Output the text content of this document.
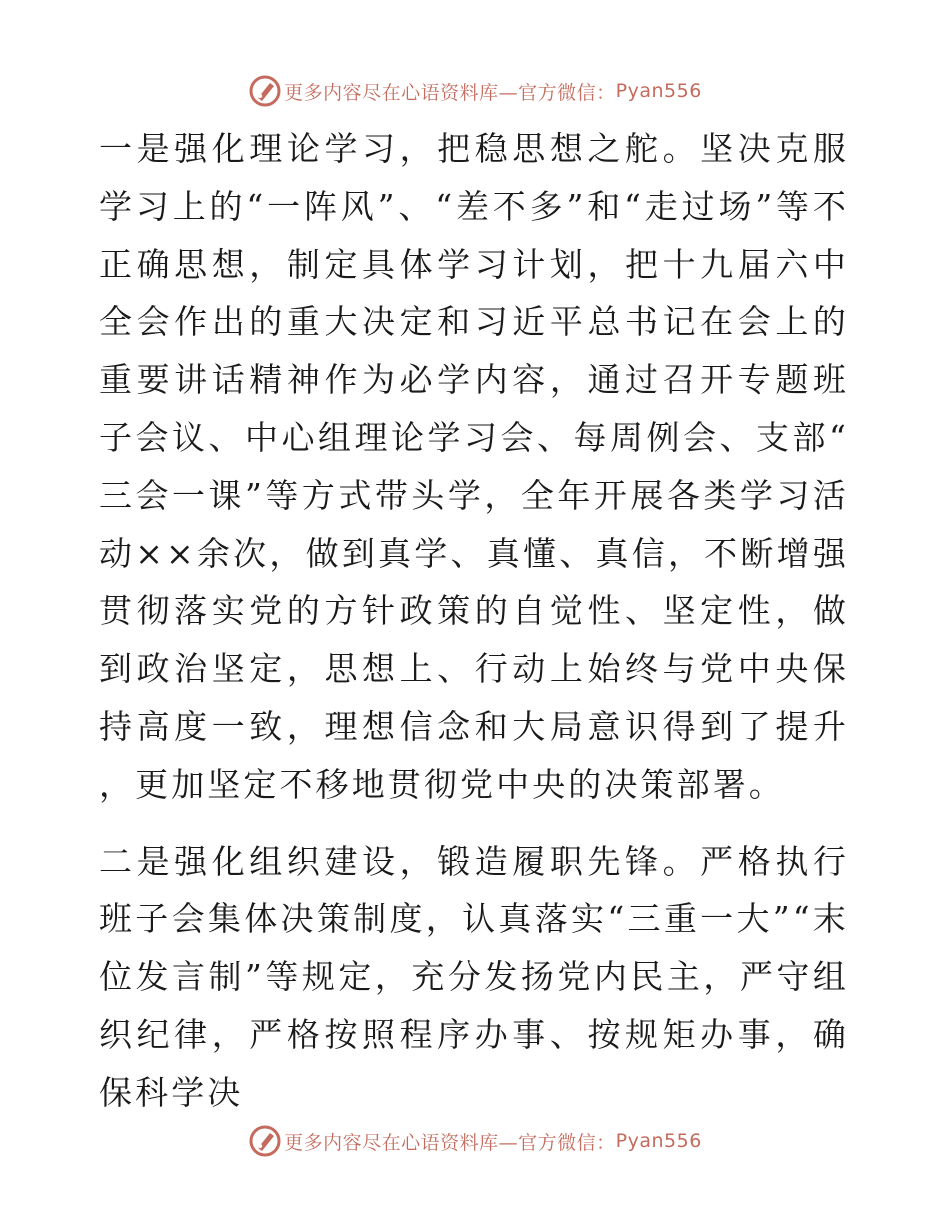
更多内容尽在心语资料库—官方微信： Pyan556

一是强化理论学习，把稳思想之舵。坚决克服学习上的“一阵风”、“差不多”和“走过场”等不正确思想，制定具体学习计划，把十九届六中全会作出的重大决定和习近平总书记在会上的重要讲话精神作为必学内容，通过召开专题班子会议、中心组理论学习会、每周例会、支部“三会一课”等方式带头学，全年开展各类学习活动××余次，做到真学、真懂、真信，不断增强贯彻落实党的方针政策的自觉性、坚定性，做到政治坚定，思想上、行动上始终与党中央保持高度一致，理想信念和大局意识得到了提升，更加坚定不移地贯彻党中央的决策部署。

二是强化组织建设，锻造履职先锋。严格执行班子会集体决策制度，认真落实“三重一大”“末位发言制”等规定，充分发扬党内民主，严守组织纪律，严格按照程序办事、按规矩办事，确保科学决

更多内容尽在心语资料库—官方微信： Pyan556
